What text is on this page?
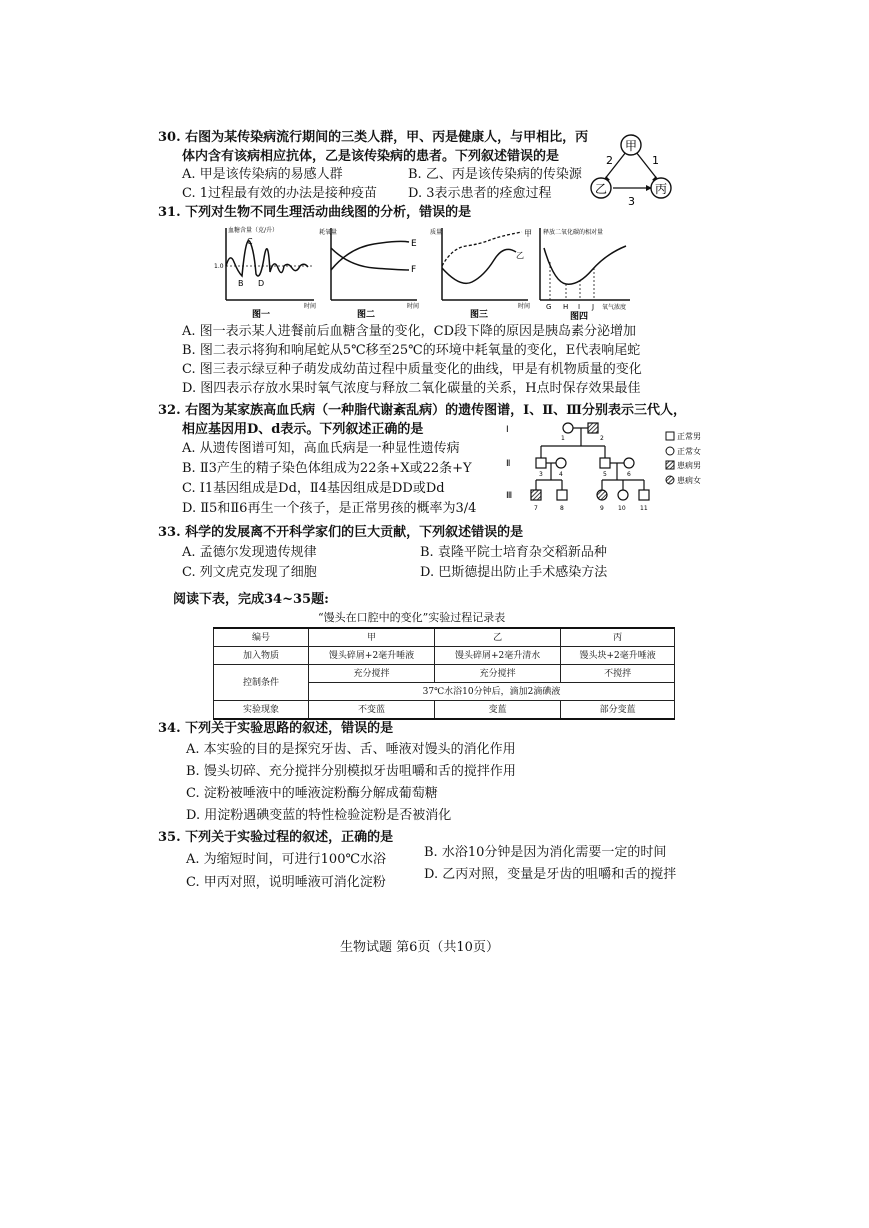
30. 右图为某传染病流行期间的三类人群，甲、丙是健康人，与甲相比，丙
体内含有该病相应抗体，乙是该传染病的患者。下列叙述错误的是
A. 甲是该传染病的易感人群	B. 乙、丙是该传染病的传染源
C. 1过程最有效的办法是接种疫苗 D. 3表示患者的痊愈过程
甲
乙	丙
2	1
3
31. 下列对生物不同生理活动曲线图的分析，错误的是
血糖含量（克/升）
1.0
C
B D
时间
图一
耗氧量
E
F
时间
图二
质量	甲
乙
时间
图三
释放二氧化碳的相对量
G H I J 氧气浓度
图四
A. 图一表示某人进餐前后血糖含量的变化，CD段下降的原因是胰岛素分泌增加
B. 图二表示将狗和响尾蛇从5℃移至25℃的环境中耗氧量的变化，E代表响尾蛇
C. 图三表示绿豆种子萌发成幼苗过程中质量变化的曲线，甲是有机物质量的变化
D. 图四表示存放水果时氧气浓度与释放二氧化碳量的关系，H点时保存效果最佳
32. 右图为某家族高血氏病（一种脂代谢紊乱病）的遗传图谱，Ⅰ、Ⅱ、Ⅲ分别表示三代人，
相应基因用D、d表示。下列叙述正确的是
A. 从遗传图谱可知，高血氏病是一种显性遗传病
B. Ⅱ3产生的精子染色体组成为22条+X或22条+Y
C. Ⅰ1基因组成是Dd，Ⅱ4基因组成是DD或Dd
D. Ⅱ5和Ⅱ6再生一个孩子，是正常男孩的概率为3/4
Ⅰ
Ⅱ
Ⅲ
1	2
3	4	5	6
7	8	9 10 11
正常男
正常女
患病男
患病女
33. 科学的发展离不开科学家们的巨大贡献，下列叙述错误的是
A. 孟德尔发现遗传规律	B. 袁隆平院士培育杂交稻新品种
C. 列文虎克发现了细胞	D. 巴斯德提出防止手术感染方法
阅读下表，完成34~35题:
“馒头在口腔中的变化”实验过程记录表
编号	甲	乙	丙
加入物质	馒头碎屑+2毫升唾液	馒头碎屑+2毫升清水	馒头块+2毫升唾液
控制条件	充分搅拌	充分搅拌	不搅拌
	37℃水浴10分钟后，滴加2滴碘液		
实验现象	不变蓝	变蓝	部分变蓝
34. 下列关于实验思路的叙述，错误的是
A. 本实验的目的是探究牙齿、舌、唾液对馒头的消化作用
B. 馒头切碎、充分搅拌分别模拟牙齿咀嚼和舌的搅拌作用
C. 淀粉被唾液中的唾液淀粉酶分解成葡萄糖
D. 用淀粉遇碘变蓝的特性检验淀粉是否被消化
35. 下列关于实验过程的叙述，正确的是
A. 为缩短时间，可进行100℃水浴	B. 水浴10分钟是因为消化需要一定的时间
C. 甲丙对照，说明唾液可消化淀粉
D. 乙丙对照，变量是牙齿的咀嚼和舌的搅拌
生物试题 第6页（共10页）
